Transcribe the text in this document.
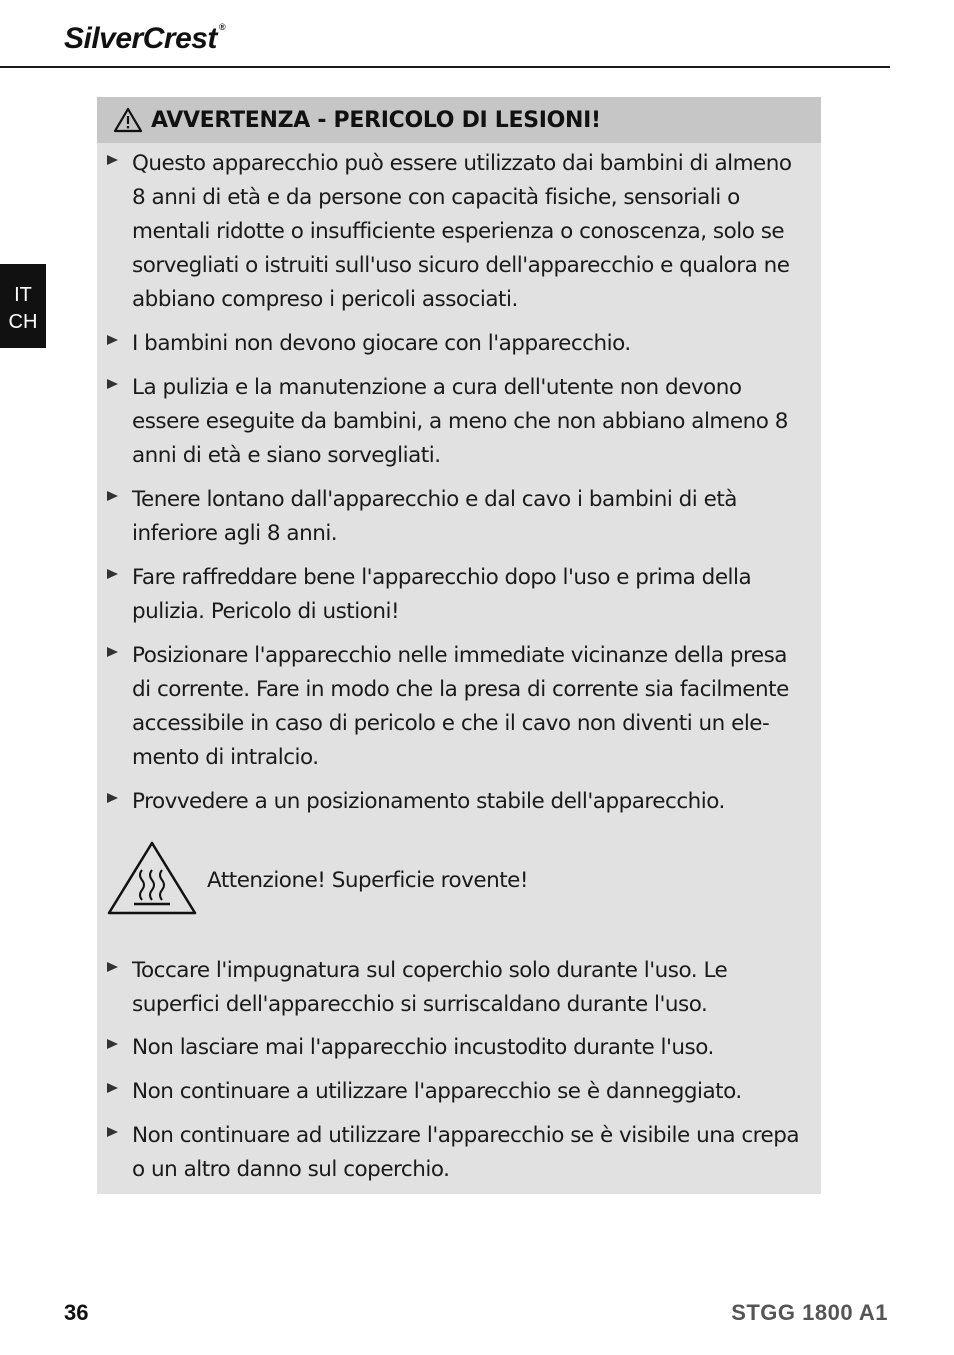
SilverCrest ®
IT
CH
AVVERTENZA - PERICOLO DI LESIONI!
Questo apparecchio può essere utilizzato dai bambini di almeno 8 anni di età e da persone con capacità fisiche, sensoriali o mentali ridotte o insufficiente esperienza o conoscenza, solo se sorvegliati o istruiti sull'uso sicuro dell'apparecchio e qualora ne abbiano compreso i pericoli associati.
I bambini non devono giocare con l'apparecchio.
La pulizia e la manutenzione a cura dell'utente non devono essere eseguite da bambini, a meno che non abbiano almeno 8 anni di età e siano sorvegliati.
Tenere lontano dall'apparecchio e dal cavo i bambini di età inferiore agli 8 anni.
Fare raffreddare bene l'apparecchio dopo l'uso e prima della pulizia. Pericolo di ustioni!
Posizionare l'apparecchio nelle immediate vicinanze della presa di corrente. Fare in modo che la presa di corrente sia facilmente accessibile in caso di pericolo e che il cavo non diventi un ele-mento di intralcio.
Provvedere a un posizionamento stabile dell'apparecchio.
Attenzione! Superficie rovente!
Toccare l'impugnatura sul coperchio solo durante l'uso. Le superfici dell'apparecchio si surriscaldano durante l'uso.
Non lasciare mai l'apparecchio incustodito durante l'uso.
Non continuare a utilizzare l'apparecchio se è danneggiato.
Non continuare ad utilizzare l'apparecchio se è visibile una crepa o un altro danno sul coperchio.
36	STGG 1800 A1
